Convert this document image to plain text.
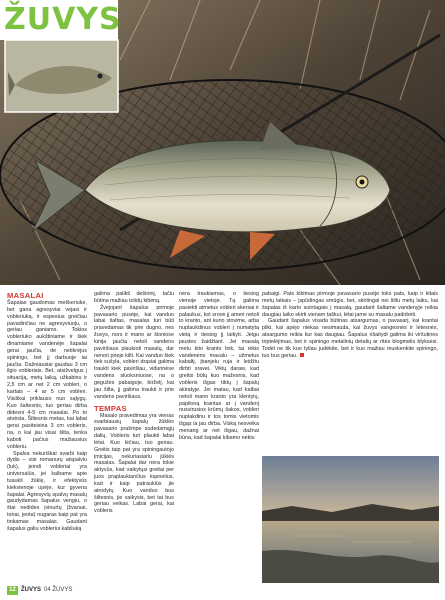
ŽUVYS
MASALAI

Šapalas gaudomas meškeriuke, bet gana agresyviai vejasi ir vobleriuką, ir espesius greičiau pavadinčiau ne agresyviuoju, o geriau ganiams. Tokios vobleriuko aukštiniame ir šiek dinamiame vandenėje šapalai gerai jaučia, de netikrėjus spiningo, bet jį darbuoje iai jaučia. Dažniausiai gaudau 3 cm ilgio vobleriais. Bet, atsižvelgus į situaciją, metų laiką, užkabinu ir 2,5 cm ar net 2 cm vobleri, o kartais – 4 ar 5 cm vobleri. Visiškai priklauso nuo sąlygų. Kuo šaltesnis, tuo geriau dirba didesni 4-5 cm masalai. Po to atvėsta. Šiltesnis metas, kai labai gerai pasiteisina 3 cm vobleris, na, o kai jau visai šilta, tenka kaboti pačius mažiausius vobleriu.

Spalva nekuriškai svarbi kaip dydis – visi romanurų atspalviu (tuk), jeindi vobleriai yra universalūs, jei kalbame apie tuaukš žūklę, ir efektyvūs kiekvienoje upėje, kur gyvena šapalai. Agresyvių spalvų masalų gaudydamas šapalus vengiu, o štai nedides įvinurtų (žvarsai, tonai, jeota) nugaras kaip pat yra tinkamas masalas. Gaudant šapalus galiu vobleriui kabliuką

galima palikti dešininį, tačiu būtina mažiau tolidų kibimą.

Žvejojant šapalus pirmoje pavasario pusėje, kai vanduo labai šaltas, masalas turi būti pravedamas tik prie dugno, nes žuvys, nors ir mano ar šioniose kinija jaučia netoli vandens paviršiaus plaukioti masalų, dar nenori prieje kilti. Kai vanduo šiek tiek sušyla, vobleri drąsiai galima traukti kiek paviršiau, vidurinėse vandens sluoksniuose, na o gegužės pabaigoje, birželį, kai jau šilta, jį galima traukti ir prie vandens paviršiaus.

TEMPAS

Masalo pravedimas yra vienas svarbiausių šapalų žūklės pavasario prašmpe sudedamąjų dalių. Vobleris turi plaukti labai lėtai. Kuo lėčiau, tuo geriau. Greitis taip pat yra spiningautojo įmicijas, nekuriasiarlu jūkiės masalas. Šapalai dar nėra tokie aktyvūs, kad vaikytųsi greitai per juos praplaukiančius kąsnelius, kad ir kaip patrauklūs jie atrodytų. Kuo vanduo bus šiltesnis, jie vaikysis, bet tai bus geriau veikas. Labai gerai, kai vobleris

nėra traukiamas, o tiesiog vienoje vietoje. Tą galima pasiekti atmetus vobleri skersai ir palaukus, kol srovė jį ameri netoli to kranto, ant kurio stovime, arba nuplaukdinus vobleri į numatytą vietą ir tiesiog jį laikyti. Jeigu jaustes žaidžiant. Jei masalą metu kito kranto link, tai rėkis vandenėns masalu – užmetus kabaltį, įbanjelu ruja ir leidžiu dirbti sravei. Vikių daraw, kad greitis būtų kuo mažesnis, kad vobleris išgas tiktų į šapalų akiratyje. Jei matau, kad kalbai netoli mano kranto yra klentylų, papiloną krantas ar į vandenį nusvirusios krūmų šakos, vobleri nuplakdinu ir tos tomis vietomis išgąs ia jau dirba. Viską nesveika menang ar net išgau, dažnai būna, kad šapalai kibamo nekiu

pabaigi. Pats kibimas pirmoje pavasario pusėje toks pats, kaip ir kitais metų laikais – įspūdingas smūgis, bet, skirtingai nei šiltu metų laiku, kai šapalas iš karto suintagais į masalą, gaudant šaltame vandenyje reikia daugiau laiko skirti vienam taškui, lėtai jame su masalu padirbėti.

Gaudant šapalus visada būtinas atsargumas, o pavasarį, kai krantai pliki, kai apėjo niekas nesimauda, kai žuvys vangesnės ir lėtesnės, atsargumo reikia kur kas daugiau. Šapalus rišaitydi galima iki viršutines triptelėjimas, bet ir spiningo metalinių detalių ar ritės blogmelis blyksėsi. Todėl ne tik kuo tyliau judėkite, bet ir kuo mažiau muskenkite spiningo, tuo bus geriau.

12 ŽUVYS 04 ŽUVYS
